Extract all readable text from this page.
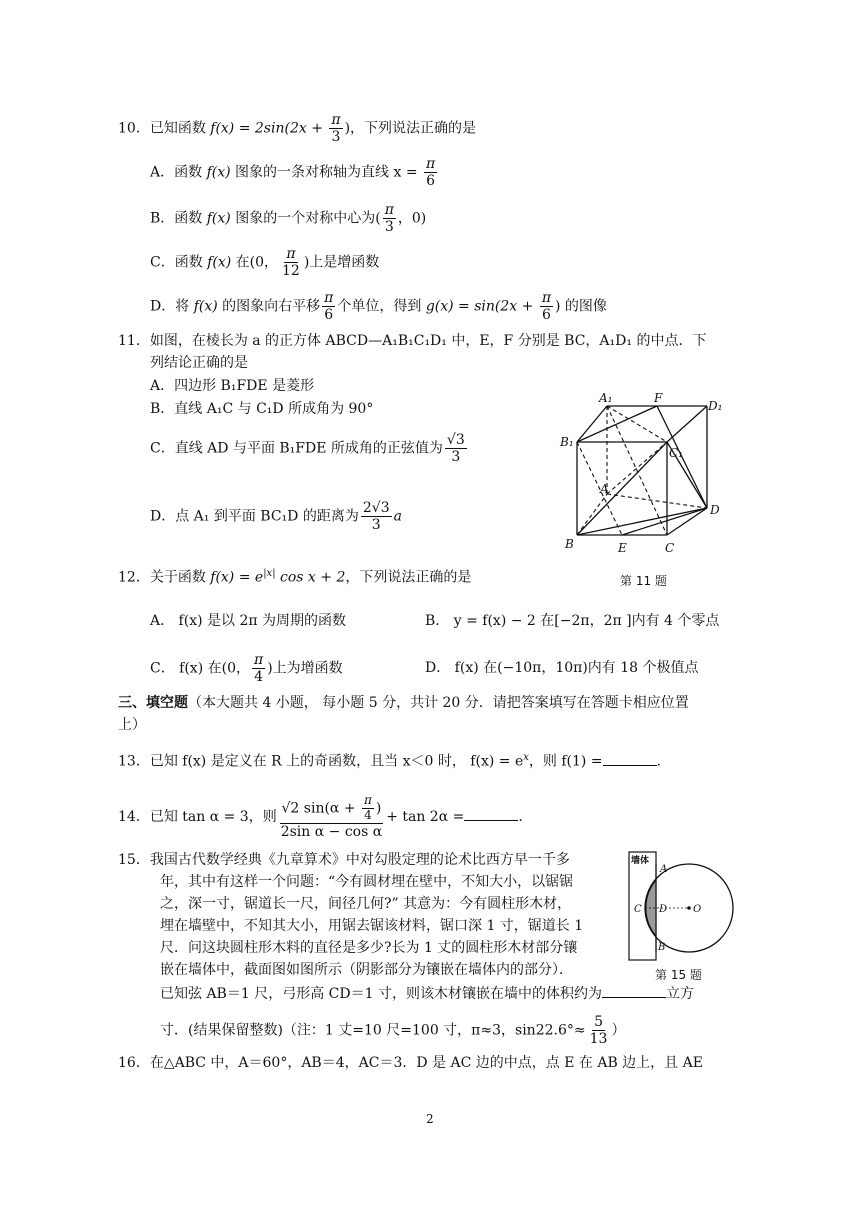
10．已知函数 $f(x) = 2\sin(2x + \frac{\pi}{3}$ )，下列说法正确的是
A．函数 f(x) 图象的一条对称轴为直线 $x = \frac{\pi}{6}$
B．函数 f(x) 图象的一个对称中心为( $\frac{\pi}{3}$ ，0)
C．函数 f(x) 在(0， $\frac{\pi}{12}$ )上是增函数
D．将 f(x) 的图象向右平移 $\frac{\pi}{6}$ 个单位，得到 $g(x) = \sin(2x + \frac{\pi}{6}$ ) 的图像
11．如图，在棱长为 a 的正方体 ABCD—A₁B₁C₁D₁ 中，E，F 分别是 BC，A₁D₁ 的中点．下
列结论正确的是
A．四边形 B₁FDE 是菱形
B．直线 A₁C 与 C₁D 所成角为 90°
C．直线 AD 与平面 B₁FDE 所成角的正弦值为 $\frac{√3}{3}$
D．点 A₁ 到平面 BC₁D 的距离为 $\frac{2√3}{3}$ a
A₁	F
D₁
B₁
C₁
A
D
B	E	C
12．关于函数 $f(x) = e^{|x|}$ cos x + 2，下列说法正确的是	第 11 题
A． f(x) 是以 2π 为周期的函数	B． y = f(x) − 2 在[−2π，2π ]内有 4 个零点
C． f(x) 在(0， $\frac{\pi}{4}$ )上为增函数	D． f(x) 在(−10π，10π)内有 18 个极值点
三、填空题（本大题共 4 小题， 每小题 5 分，共计 20 分．请把答案填写在答题卡相应位置
上）
13．已知 f(x) 是定义在 R 上的奇函数，且当 x＜0 时， $f(x) = e^x$，则 f(1) =	.
14．已知 tan α = 3，则 $\frac{√2 \sin(\alpha + \frac{\pi}{4} )}{\text{2sin α − cos α}} + \tan 2\alpha$ =	.
15．我国古代数学经典《九章算术》中对勾股定理的论术比西方早一千多
年，其中有这样一个问题：“今有圆材埋在壁中，不知大小，以锯锯
之，深一寸，锯道长一尺，间径几何?” 其意为：今有圆柱形木材，
埋在墙壁中，不知其大小，用锯去锯该材料，锯口深 1 寸，锯道长 1
尺．问这块圆柱形木料的直径是多少?长为 1 丈的圆柱形木材部分镶
嵌在墙体中，截面图如图所示（阴影部分为镶嵌在墙体内的部分）．
已知弦 AB＝1 尺，弓形高 CD＝1 寸，则该木材镶嵌在墙中的体积约为	立方
寸．(结果保留整数)（注：1 丈=10 尺=100 寸，π≈3，$\sin 22.6^\circ\approx \frac{5}{13}$ ）
墙体
A
B
C D	O
第 15 题
16．在△ABC 中，A＝60°，AB＝4，AC＝3．D 是 AC 边的中点，点 E 在 AB 边上，且 AE
2
